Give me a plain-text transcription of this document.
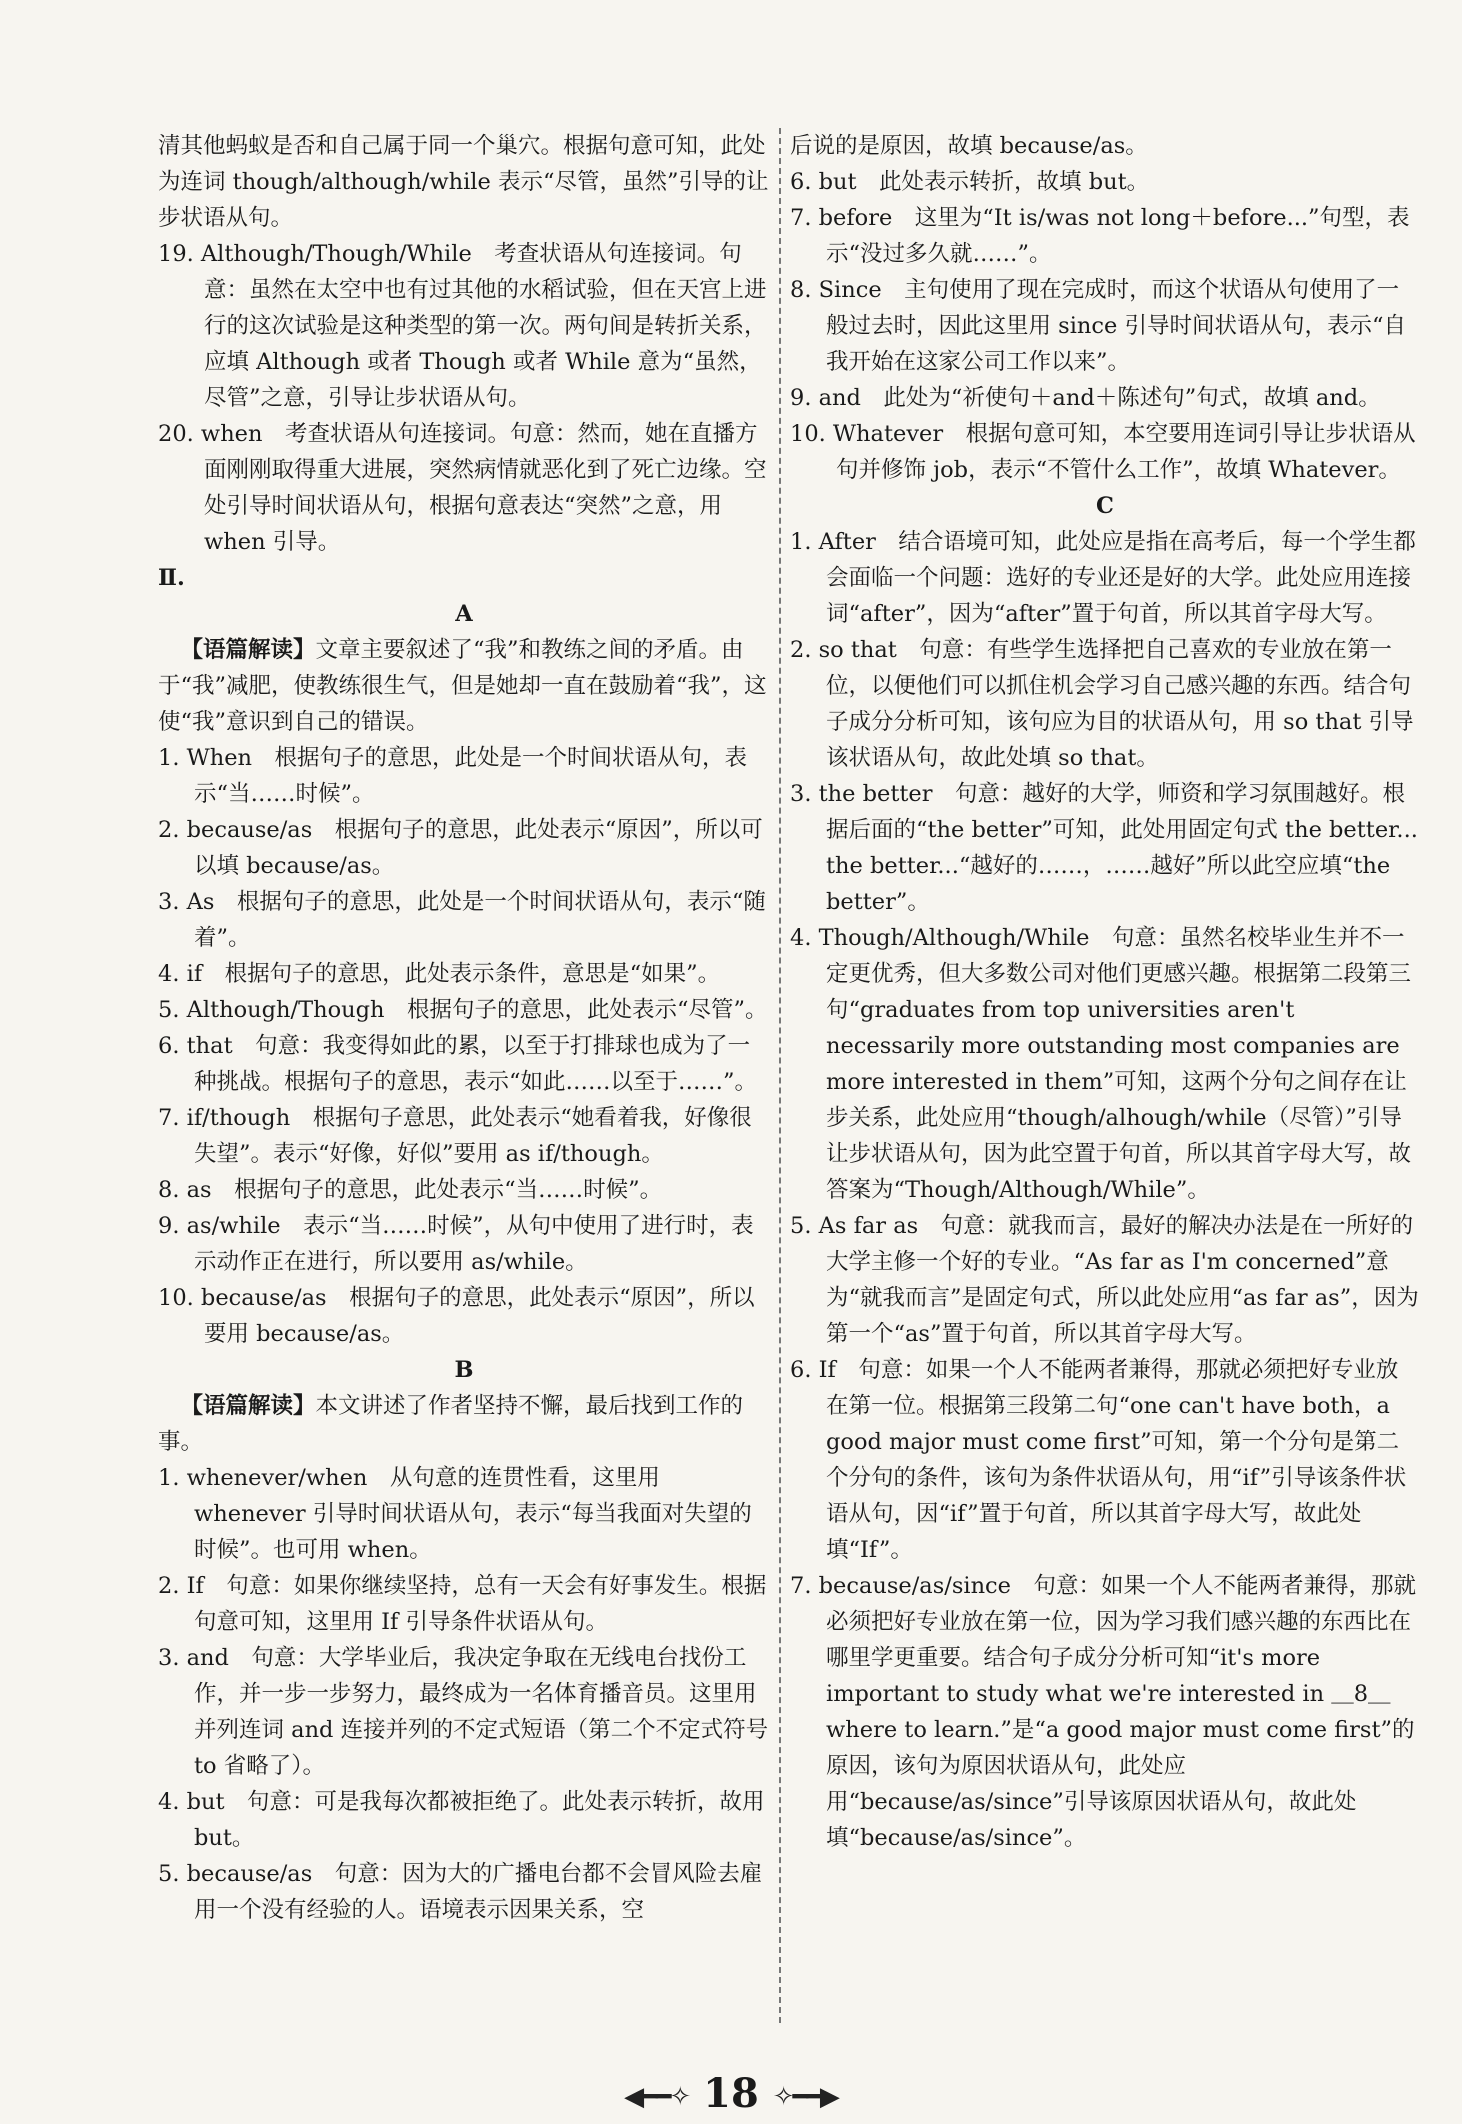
清其他蚂蚁是否和自己属于同一个巢穴。根据句意可知，此处为连词 though/although/while 表示“尽管，虽然”引导的让步状语从句。

19. Although/Though/While　考查状语从句连接词。句意：虽然在太空中也有过其他的水稻试验，但在天宫上进行的这次试验是这种类型的第一次。两句间是转折关系，应填 Although 或者 Though 或者 While 意为“虽然，尽管”之意，引导让步状语从句。

20. when　考查状语从句连接词。句意：然而，她在直播方面刚刚取得重大进展，突然病情就恶化到了死亡边缘。空处引导时间状语从句，根据句意表达“突然”之意，用 when 引导。

Ⅱ.

A

 【语篇解读】文章主要叙述了“我”和教练之间的矛盾。由于“我”减肥，使教练很生气，但是她却一直在鼓励着“我”，这使“我”意识到自己的错误。

1. When　根据句子的意思，此处是一个时间状语从句，表示“当……时候”。

2. because/as　根据句子的意思，此处表示“原因”，所以可以填 because/as。

3. As　根据句子的意思，此处是一个时间状语从句，表示“随着”。

4. if　根据句子的意思，此处表示条件，意思是“如果”。

5. Although/Though　根据句子的意思，此处表示“尽管”。

6. that　句意：我变得如此的累，以至于打排球也成为了一种挑战。根据句子的意思，表示“如此……以至于……”。

7. if/though　根据句子意思，此处表示“她看着我，好像很失望”。表示“好像，好似”要用 as if/though。

8. as　根据句子的意思，此处表示“当……时候”。

9. as/while　表示“当……时候”，从句中使用了进行时，表示动作正在进行，所以要用 as/while。

10. because/as　根据句子的意思，此处表示“原因”，所以要用 because/as。

B

 【语篇解读】本文讲述了作者坚持不懈，最后找到工作的事。

1. whenever/when　从句意的连贯性看，这里用 whenever 引导时间状语从句，表示“每当我面对失望的时候”。也可用 when。

2. If　句意：如果你继续坚持，总有一天会有好事发生。根据句意可知，这里用 If 引导条件状语从句。

3. and　句意：大学毕业后，我决定争取在无线电台找份工作，并一步一步努力，最终成为一名体育播音员。这里用并列连词 and 连接并列的不定式短语（第二个不定式符号 to 省略了）。

4. but　句意：可是我每次都被拒绝了。此处表示转折，故用 but。

5. because/as　句意：因为大的广播电台都不会冒风险去雇用一个没有经验的人。语境表示因果关系，空

后说的是原因，故填 because/as。

6. but　此处表示转折，故填 but。

7. before　这里为“It is/was not long＋before...”句型，表示“没过多久就……”。

8. Since　主句使用了现在完成时，而这个状语从句使用了一般过去时，因此这里用 since 引导时间状语从句，表示“自我开始在这家公司工作以来”。

9. and　此处为“祈使句＋and＋陈述句”句式，故填 and。

10. Whatever　根据句意可知，本空要用连词引导让步状语从句并修饰 job，表示“不管什么工作”，故填 Whatever。

C

1. After　结合语境可知，此处应是指在高考后，每一个学生都会面临一个问题：选好的专业还是好的大学。此处应用连接词“after”，因为“after”置于句首，所以其首字母大写。

2. so that　句意：有些学生选择把自己喜欢的专业放在第一位，以便他们可以抓住机会学习自己感兴趣的东西。结合句子成分分析可知，该句应为目的状语从句，用 so that 引导该状语从句，故此处填 so that。

3. the better　句意：越好的大学，师资和学习氛围越好。根据后面的“the better”可知，此处用固定句式 the better... the better...“越好的……，……越好”所以此空应填“the better”。

4. Though/Although/While　句意：虽然名校毕业生并不一定更优秀，但大多数公司对他们更感兴趣。根据第二段第三句“graduates from top universities aren't necessarily more outstanding most companies are more interested in them”可知，这两个分句之间存在让步关系，此处应用“though/alhough/while（尽管）”引导让步状语从句，因为此空置于句首，所以其首字母大写，故答案为“Though/Although/While”。

5. As far as　句意：就我而言，最好的解决办法是在一所好的大学主修一个好的专业。“As far as I'm concerned”意为“就我而言”是固定句式，所以此处应用“as far as”，因为第一个“as”置于句首，所以其首字母大写。

6. If　句意：如果一个人不能两者兼得，那就必须把好专业放在第一位。根据第三段第二句“one can't have both，a good major must come first”可知，第一个分句是第二个分句的条件，该句为条件状语从句，用“if”引导该条件状语从句，因“if”置于句首，所以其首字母大写，故此处填“If”。

7. because/as/since　句意：如果一个人不能两者兼得，那就必须把好专业放在第一位，因为学习我们感兴趣的东西比在哪里学更重要。结合句子成分分析可知“it's more important to study what we're interested in ＿8＿ where to learn.”是“a good major must come first”的原因，该句为原因状语从句，此处应用“because/as/since”引导该原因状语从句，故此处填“because/as/since”。

◀━━✧ 18 ✧━━▶
